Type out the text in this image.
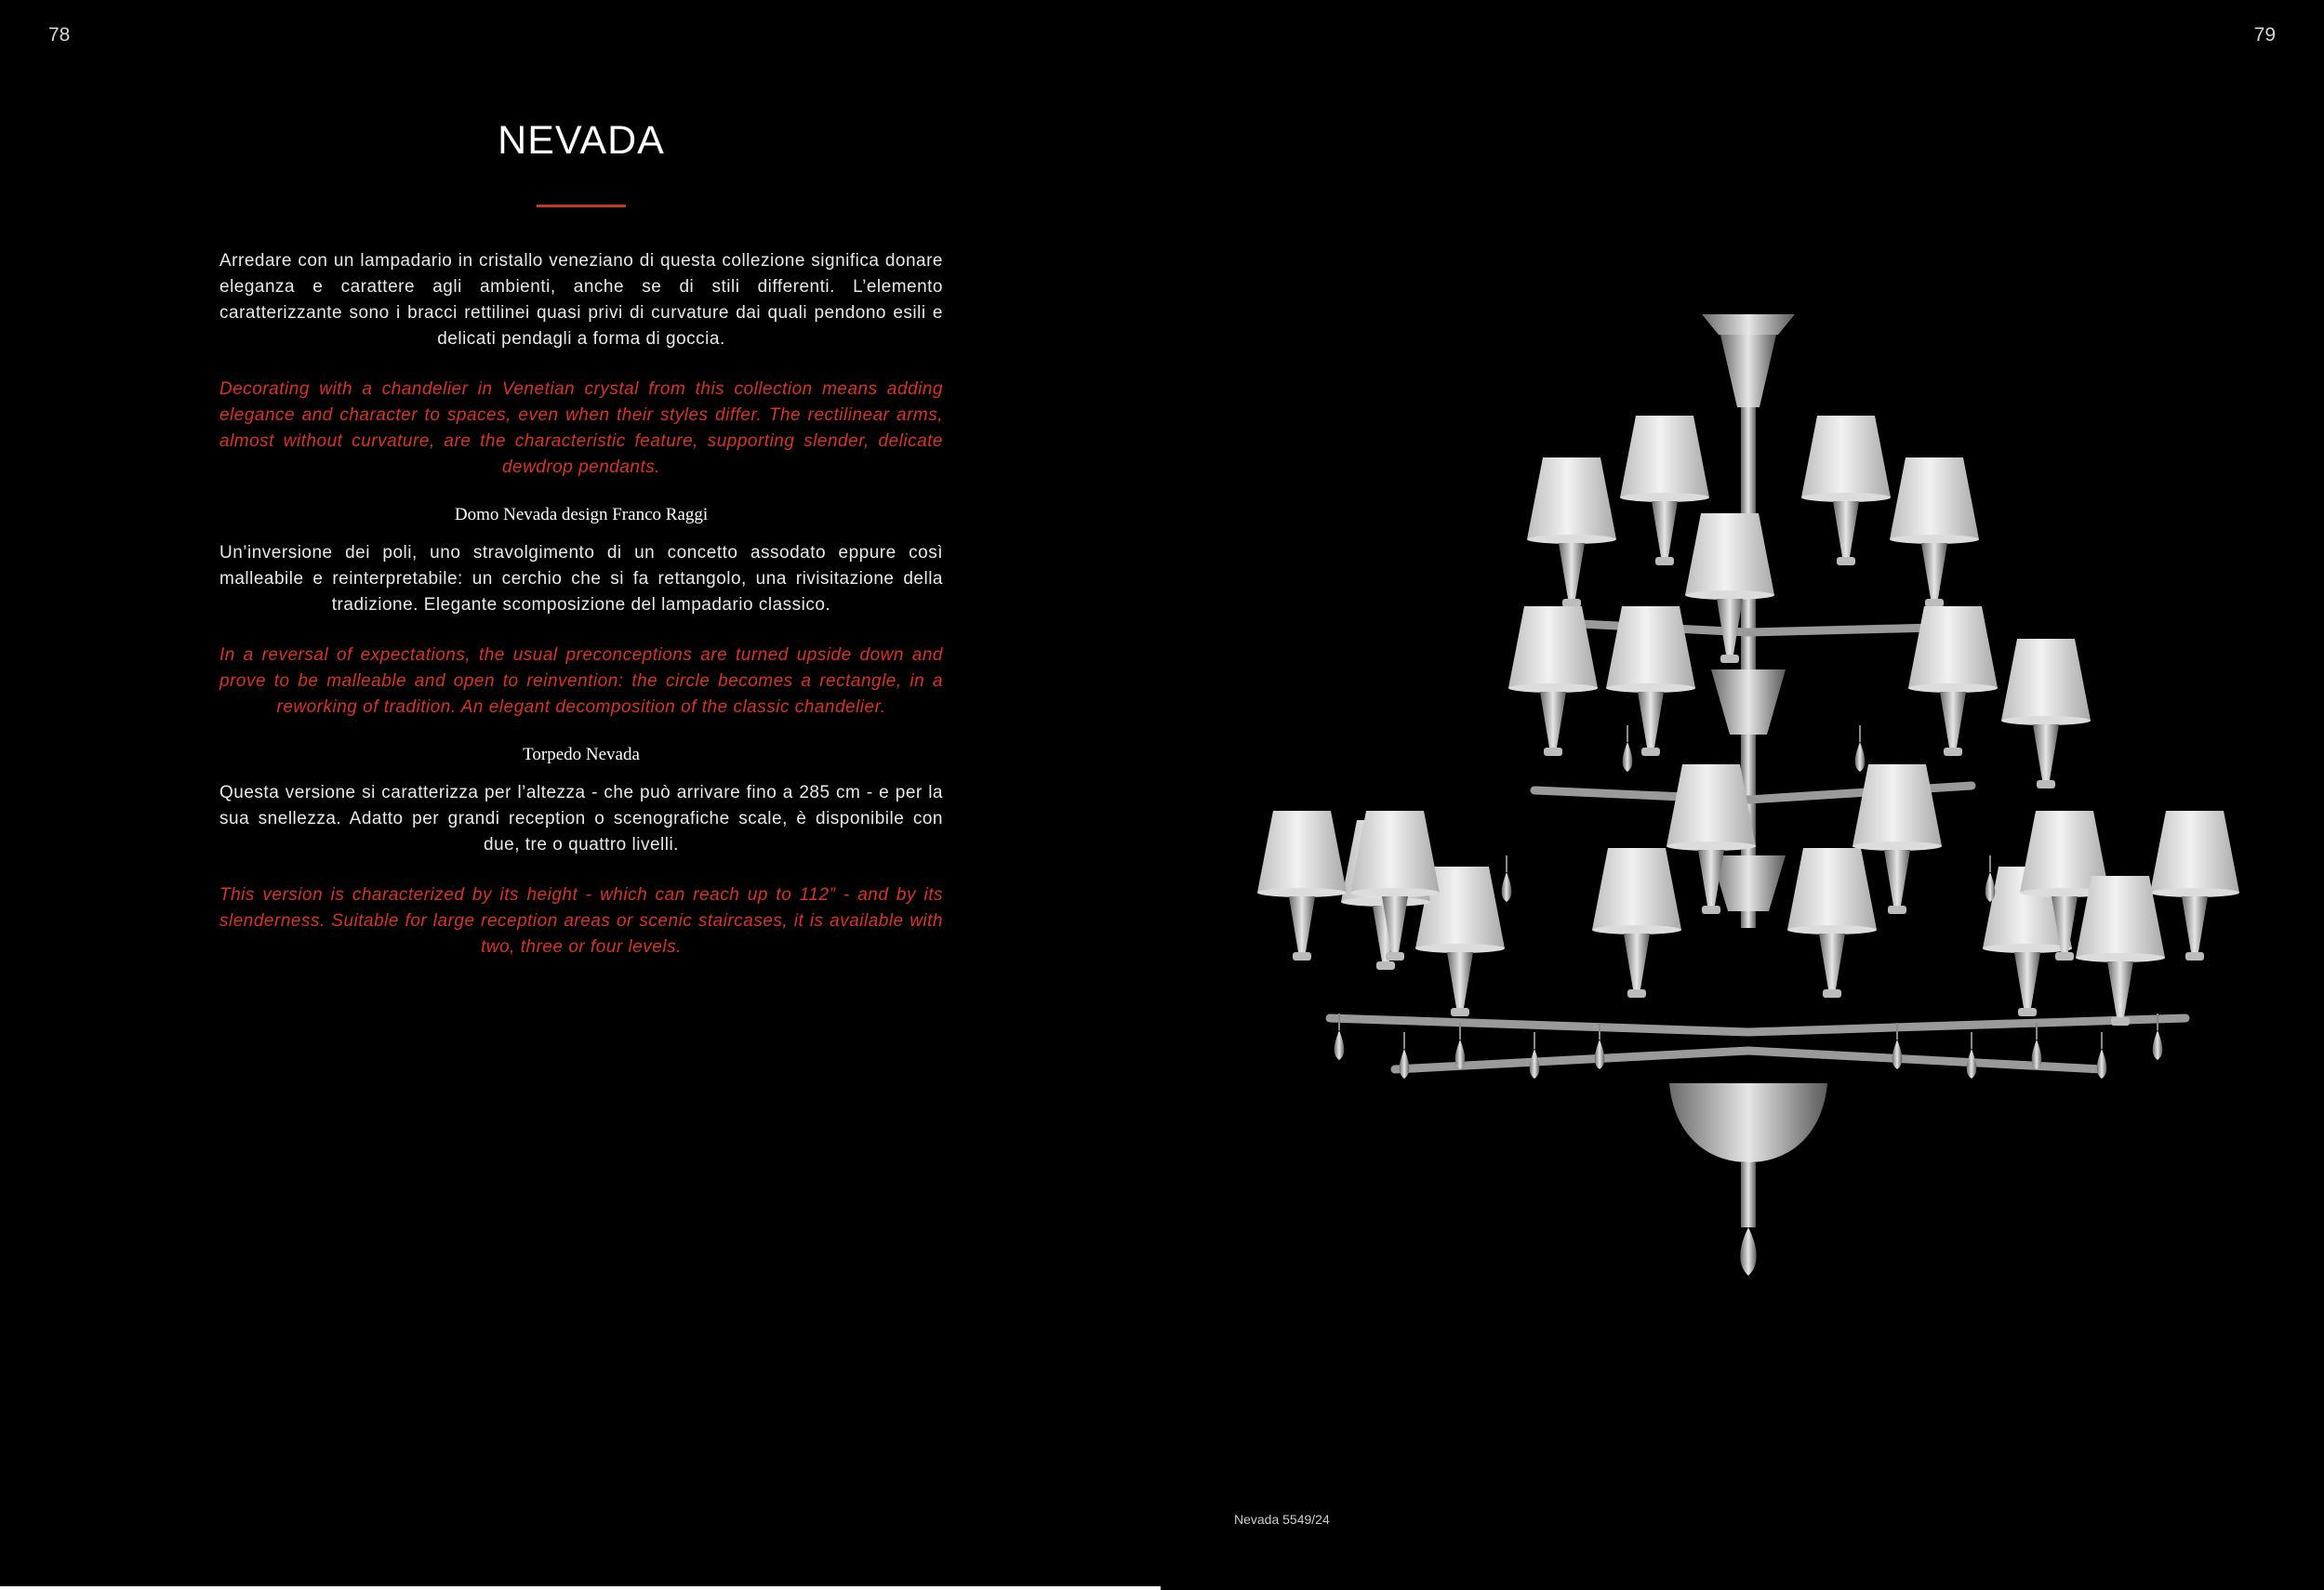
78	79
NEVADA

Arredare con un lampadario in cristallo veneziano di questa collezione significa donare eleganza e carattere agli ambienti, anche se di stili differenti. L’elemento caratterizzante sono i bracci rettilinei quasi privi di curvature dai quali pendono esili e delicati pendagli a forma di goccia.

Decorating with a chandelier in Venetian crystal from this collection means adding elegance and character to spaces, even when their styles differ. The rectilinear arms, almost without curvature, are the characteristic feature, supporting slender, delicate dewdrop pendants.

Domo Nevada design Franco Raggi

Un’inversione dei poli, uno stravolgimento di un concetto assodato eppure così malleabile e reinterpretabile: un cerchio che si fa rettangolo, una rivisitazione della tradizione. Elegante scomposizione del lampadario classico.

In a reversal of expectations, the usual preconceptions are turned upside down and prove to be malleable and open to reinvention: the circle becomes a rectangle, in a reworking of tradition. An elegant decomposition of the classic chandelier.

Torpedo Nevada

Questa versione si caratterizza per l’altezza - che può arrivare fino a 285 cm - e per la sua snellezza. Adatto per grandi reception o scenografiche scale, è disponibile con due, tre o quattro livelli.

This version is characterized by its height - which can reach up to 112” - and by its slenderness. Suitable for large reception areas or scenic staircases, it is available with two, three or four levels.

Nevada 5549/24
